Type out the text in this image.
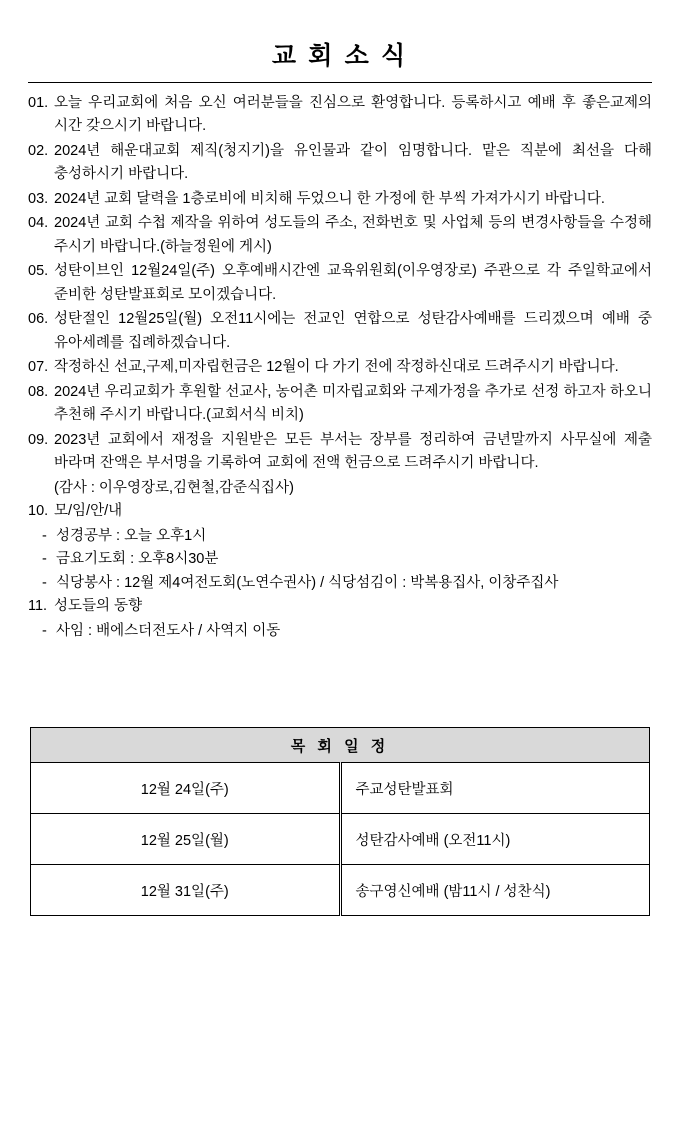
교 회 소 식
01. 오늘 우리교회에 처음 오신 여러분들을 진심으로 환영합니다. 등록하시고 예배 후 좋은교제의 시간 갖으시기 바랍니다.
02. 2024년 해운대교회 제직(청지기)을 유인물과 같이 임명합니다. 맡은 직분에 최선을 다해 충성하시기 바랍니다.
03. 2024년 교회 달력을 1층로비에 비치해 두었으니 한 가정에 한 부씩 가져가시기 바랍니다.
04. 2024년 교회 수첩 제작을 위하여 성도들의 주소, 전화번호 및 사업체 등의 변경사항들을 수정해 주시기 바랍니다.(하늘정원에 게시)
05. 성탄이브인 12월24일(주) 오후예배시간엔 교육위원회(이우영장로) 주관으로 각 주일학교에서 준비한 성탄발표회로 모이겠습니다.
06. 성탄절인 12월25일(월) 오전11시에는 전교인 연합으로 성탄감사예배를 드리겠으며 예배 중 유아세례를 집례하겠습니다.
07. 작정하신 선교,구제,미자립헌금은 12월이 다 가기 전에 작정하신대로 드려주시기 바랍니다.
08. 2024년 우리교회가 후원할 선교사, 농어촌 미자립교회와 구제가정을 추가로 선정 하고자 하오니 추천해 주시기 바랍니다.(교회서식 비치)
09. 2023년 교회에서 재정을 지원받은 모든 부서는 장부를 정리하여 금년말까지 사무실에 제출 바라며 잔액은 부서명을 기록하여 교회에 전액 헌금으로 드려주시기 바랍니다.
(감사 : 이우영장로,김현철,감준식집사)
10. 모/임/안/내
- 성경공부 : 오늘 오후1시
- 금요기도회 : 오후8시30분
- 식당봉사 : 12월 제4여전도회(노연수권사) / 식당섬김이 : 박복용집사, 이창주집사
11. 성도들의 동향
- 사임 : 배에스더전도사 / 사역지 이동
목 회 일 정	
12월 24일(주)	주교성탄발표회
12월 25일(월)	성탄감사예배 (오전11시)
12월 31일(주)	송구영신예배 (밤11시 / 성찬식)
